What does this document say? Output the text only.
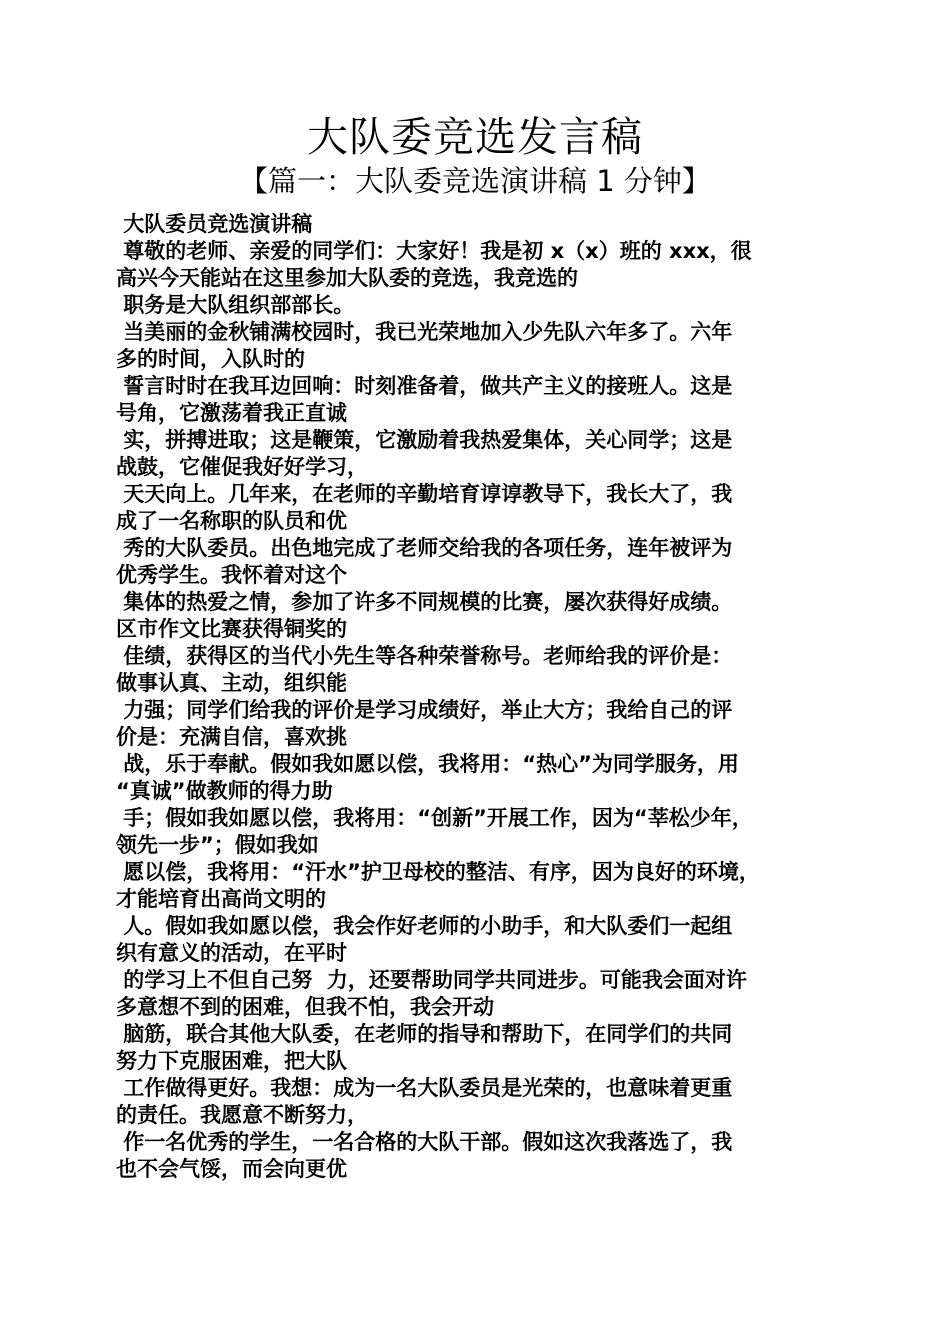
大队委竞选发言稿
【篇一：大队委竞选演讲稿 1 分钟】
大队委员竞选演讲稿
尊敬的老师、亲爱的同学们：大家好！我是初 x（x）班的 xxx，很
高兴今天能站在这里参加大队委的竞选，我竞选的
职务是大队组织部部长。
当美丽的金秋铺满校园时，我已光荣地加入少先队六年多了。六年
多的时间，入队时的
誓言时时在我耳边回响：时刻准备着，做共产主义的接班人。这是
号角，它激荡着我正直诚
实，拼搏进取；这是鞭策，它激励着我热爱集体，关心同学；这是
战鼓，它催促我好好学习，
天天向上。几年来，在老师的辛勤培育谆谆教导下，我长大了，我
成了一名称职的队员和优
秀的大队委员。出色地完成了老师交给我的各项任务，连年被评为
优秀学生。我怀着对这个
集体的热爱之情，参加了许多不同规模的比赛，屡次获得好成绩。
区市作文比赛获得铜奖的
佳绩，获得区的当代小先生等各种荣誉称号。老师给我的评价是：
做事认真、主动，组织能
力强；同学们给我的评价是学习成绩好，举止大方；我给自己的评
价是：充满自信，喜欢挑
战，乐于奉献。假如我如愿以偿，我将用：“热心”为同学服务，用
“真诚”做教师的得力助
手；假如我如愿以偿，我将用：“创新”开展工作，因为“莘松少年，
领先一步”；假如我如
愿以偿，我将用：“汗水”护卫母校的整洁、有序，因为良好的环境，
才能培育出高尚文明的
人。假如我如愿以偿，我会作好老师的小助手，和大队委们一起组
织有意义的活动，在平时
的学习上不但自己努  力，还要帮助同学共同进步。可能我会面对许
多意想不到的困难，但我不怕，我会开动
脑筋，联合其他大队委，在老师的指导和帮助下，在同学们的共同
努力下克服困难，把大队
工作做得更好。我想：成为一名大队委员是光荣的，也意味着更重
的责任。我愿意不断努力，
作一名优秀的学生，一名合格的大队干部。假如这次我落选了，我
也不会气馁，而会向更优
